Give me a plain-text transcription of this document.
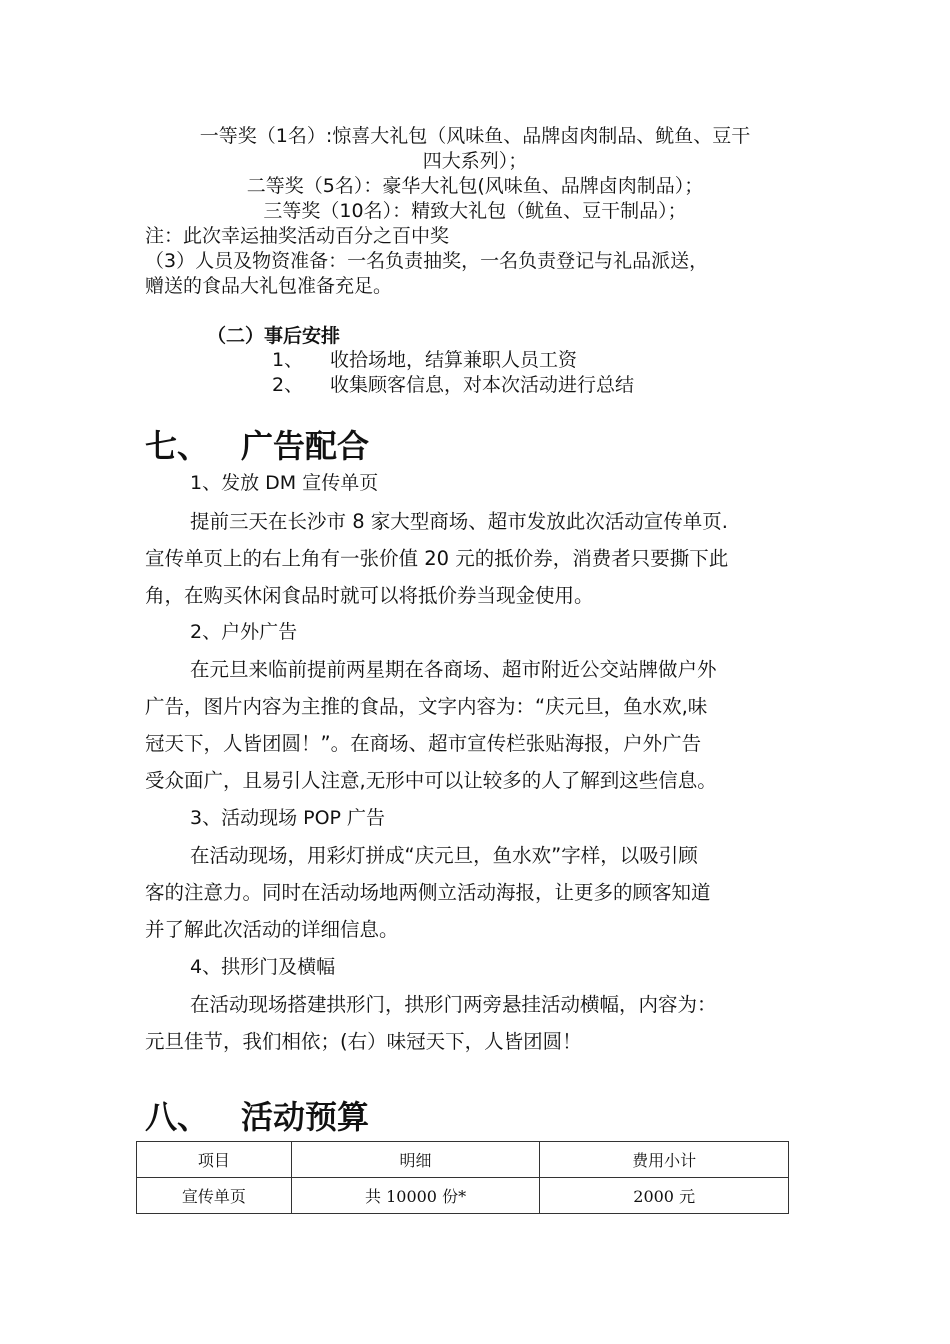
一等奖（1名）:惊喜大礼包（风味鱼、品牌卤肉制品、鱿鱼、豆干
四大系列）；
二等奖（5名）：豪华大礼包(风味鱼、品牌卤肉制品）；
三等奖（10名）：精致大礼包（鱿鱼、豆干制品）；
注：此次幸运抽奖活动百分之百中奖
（3）人员及物资准备：一名负责抽奖，一名负责登记与礼品派送，
赠送的食品大礼包准备充足。
（二）事后安排
1、 收拾场地，结算兼职人员工资
2、 收集顾客信息，对本次活动进行总结
七、 广告配合
1、发放 DM 宣传单页
提前三天在长沙市 8 家大型商场、超市发放此次活动宣传单页.
宣传单页上的右上角有一张价值 20 元的抵价券，消费者只要撕下此
角，在购买休闲食品时就可以将抵价券当现金使用。
2、户外广告
在元旦来临前提前两星期在各商场、超市附近公交站牌做户外
广告，图片内容为主推的食品，文字内容为：“庆元旦，鱼水欢,味
冠天下，人皆团圆！”。在商场、超市宣传栏张贴海报，户外广告
受众面广，且易引人注意,无形中可以让较多的人了解到这些信息。
3、活动现场 POP 广告
在活动现场，用彩灯拼成“庆元旦，鱼水欢”字样，以吸引顾
客的注意力。同时在活动场地两侧立活动海报，让更多的顾客知道
并了解此次活动的详细信息。
4、拱形门及横幅
在活动现场搭建拱形门，拱形门两旁悬挂活动横幅，内容为：
元旦佳节，我们相依；(右）味冠天下，人皆团圆！
八、 活动预算
项目	明细	费用小计
宣传单页	共 10000 份*	2000 元
